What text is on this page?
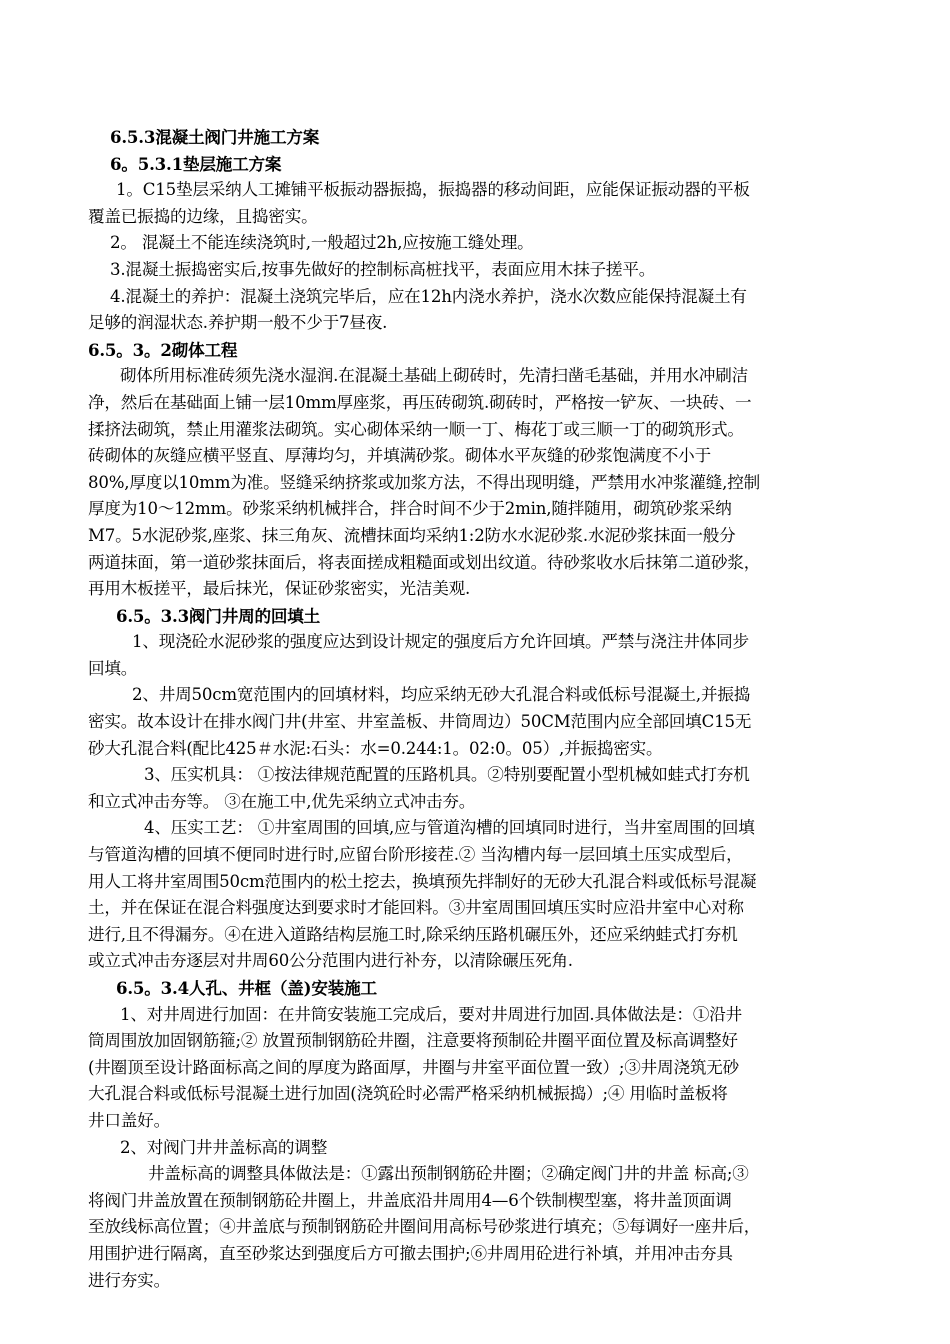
6.5.3混凝土阀门井施工方案
6。5.3.1垫层施工方案
1。C15垫层采纳人工摊铺平板振动器振捣，振捣器的移动间距，应能保证振动器的平板
覆盖已振捣的边缘，且捣密实。
2。 混凝土不能连续浇筑时,一般超过2h,应按施工缝处理。
3.混凝土振捣密实后,按事先做好的控制标高桩找平，表面应用木抹子搓平。
4.混凝土的养护：混凝土浇筑完毕后，应在12h内浇水养护，浇水次数应能保持混凝土有
足够的润湿状态.养护期一般不少于7昼夜.
6.5。3。2砌体工程
砌体所用标准砖须先浇水湿润.在混凝土基础上砌砖时，先清扫凿毛基础，并用水冲刷洁
净，然后在基础面上铺一层10mm厚座浆，再压砖砌筑.砌砖时，严格按一铲灰、一块砖、一
揉挤法砌筑，禁止用灌浆法砌筑。实心砌体采纳一顺一丁、梅花丁或三顺一丁的砌筑形式。
砖砌体的灰缝应横平竖直、厚薄均匀，并填满砂浆。砌体水平灰缝的砂浆饱满度不小于
80%,厚度以10mm为准。竖缝采纳挤浆或加浆方法，不得出现明缝，严禁用水冲浆灌缝,控制
厚度为10～12mm。砂浆采纳机械拌合，拌合时间不少于2min,随拌随用，砌筑砂浆采纳
M7。5水泥砂浆,座浆、抹三角灰、流槽抹面均采纳1:2防水水泥砂浆.水泥砂浆抹面一般分
两道抹面，第一道砂浆抹面后，将表面搓成粗糙面或划出纹道。待砂浆收水后抹第二道砂浆，
再用木板搓平，最后抹光，保证砂浆密实，光洁美观.
6.5。3.3阀门井周的回填土
1、现浇砼水泥砂浆的强度应达到设计规定的强度后方允许回填。严禁与浇注井体同步
回填。
2、井周50cm宽范围内的回填材料，均应采纳无砂大孔混合料或低标号混凝土,并振捣
密实。故本设计在排水阀门井(井室、井室盖板、井筒周边）50CM范围内应全部回填C15无
砂大孔混合料(配比425＃水泥:石头：水=0.244:1。02:0。05）,并振捣密实。
3、压实机具： ①按法律规范配置的压路机具。②特别要配置小型机械如蛙式打夯机
和立式冲击夯等。 ③在施工中,优先采纳立式冲击夯。
4、压实工艺： ①井室周围的回填,应与管道沟槽的回填同时进行，当井室周围的回填
与管道沟槽的回填不便同时进行时,应留台阶形接茬.② 当沟槽内每一层回填土压实成型后，
用人工将井室周围50cm范围内的松土挖去，换填预先拌制好的无砂大孔混合料或低标号混凝
土，并在保证在混合料强度达到要求时才能回料。③井室周围回填压实时应沿井室中心对称
进行,且不得漏夯。④在进入道路结构层施工时,除采纳压路机碾压外，还应采纳蛙式打夯机
或立式冲击夯逐层对井周60公分范围内进行补夯，以清除碾压死角.
6.5。3.4人孔、井框（盖)安装施工
1、对井周进行加固：在井筒安装施工完成后，要对井周进行加固.具体做法是：①沿井
筒周围放加固钢筋箍;② 放置预制钢筋砼井圈，注意要将预制砼井圈平面位置及标高调整好
(井圈顶至设计路面标高之间的厚度为路面厚，井圈与井室平面位置一致）;③井周浇筑无砂
大孔混合料或低标号混凝土进行加固(浇筑砼时必需严格采纳机械振捣）;④ 用临时盖板将
井口盖好。
2、对阀门井井盖标高的调整
井盖标高的调整具体做法是：①露出预制钢筋砼井圈；②确定阀门井的井盖 标高;③
将阀门井盖放置在预制钢筋砼井圈上，井盖底沿井周用4—6个铁制楔型塞，将井盖顶面调
至放线标高位置；④井盖底与预制钢筋砼井圈间用高标号砂浆进行填充；⑤每调好一座井后，
用围护进行隔离，直至砂浆达到强度后方可撤去围护;⑥井周用砼进行补填，并用冲击夯具
进行夯实。
